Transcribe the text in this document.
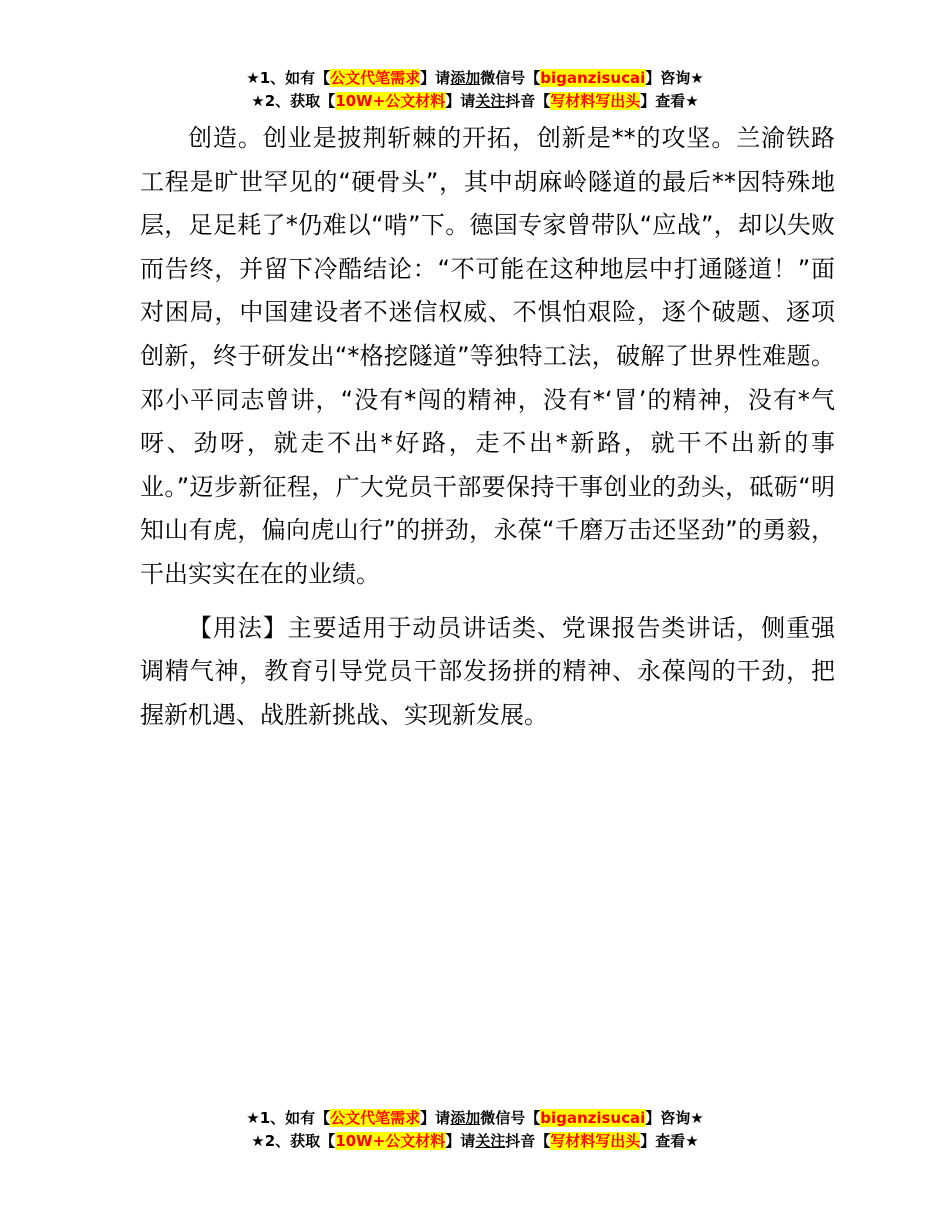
★1、如有【公文代笔需求】请添加微信号【biganzisucai】咨询★
★2、获取【10W+公文材料】请关注抖音【写材料写出头】查看★

创造。创业是披荆斩棘的开拓，创新是**的攻坚。兰渝铁路工程是旷世罕见的“硬骨头”，其中胡麻岭隧道的最后**因特殊地层，足足耗了*仍难以“啃”下。德国专家曾带队“应战”，却以失败而告终，并留下冷酷结论：“不可能在这种地层中打通隧道！”面对困局，中国建设者不迷信权威、不惧怕艰险，逐个破题、逐项创新，终于研发出“*格挖隧道”等独特工法，破解了世界性难题。邓小平同志曾讲，“没有*闯的精神，没有*‘冒’的精神，没有*气呀、劲呀，就走不出*好路，走不出*新路，就干不出新的事业。”迈步新征程，广大党员干部要保持干事创业的劲头，砥砺“明知山有虎，偏向虎山行”的拼劲，永葆“千磨万击还坚劲”的勇毅，干出实实在在的业绩。

【用法】主要适用于动员讲话类、党课报告类讲话，侧重强调精气神，教育引导党员干部发扬拼的精神、永葆闯的干劲，把握新机遇、战胜新挑战、实现新发展。

★1、如有【公文代笔需求】请添加微信号【biganzisucai】咨询★
★2、获取【10W+公文材料】请关注抖音【写材料写出头】查看★
